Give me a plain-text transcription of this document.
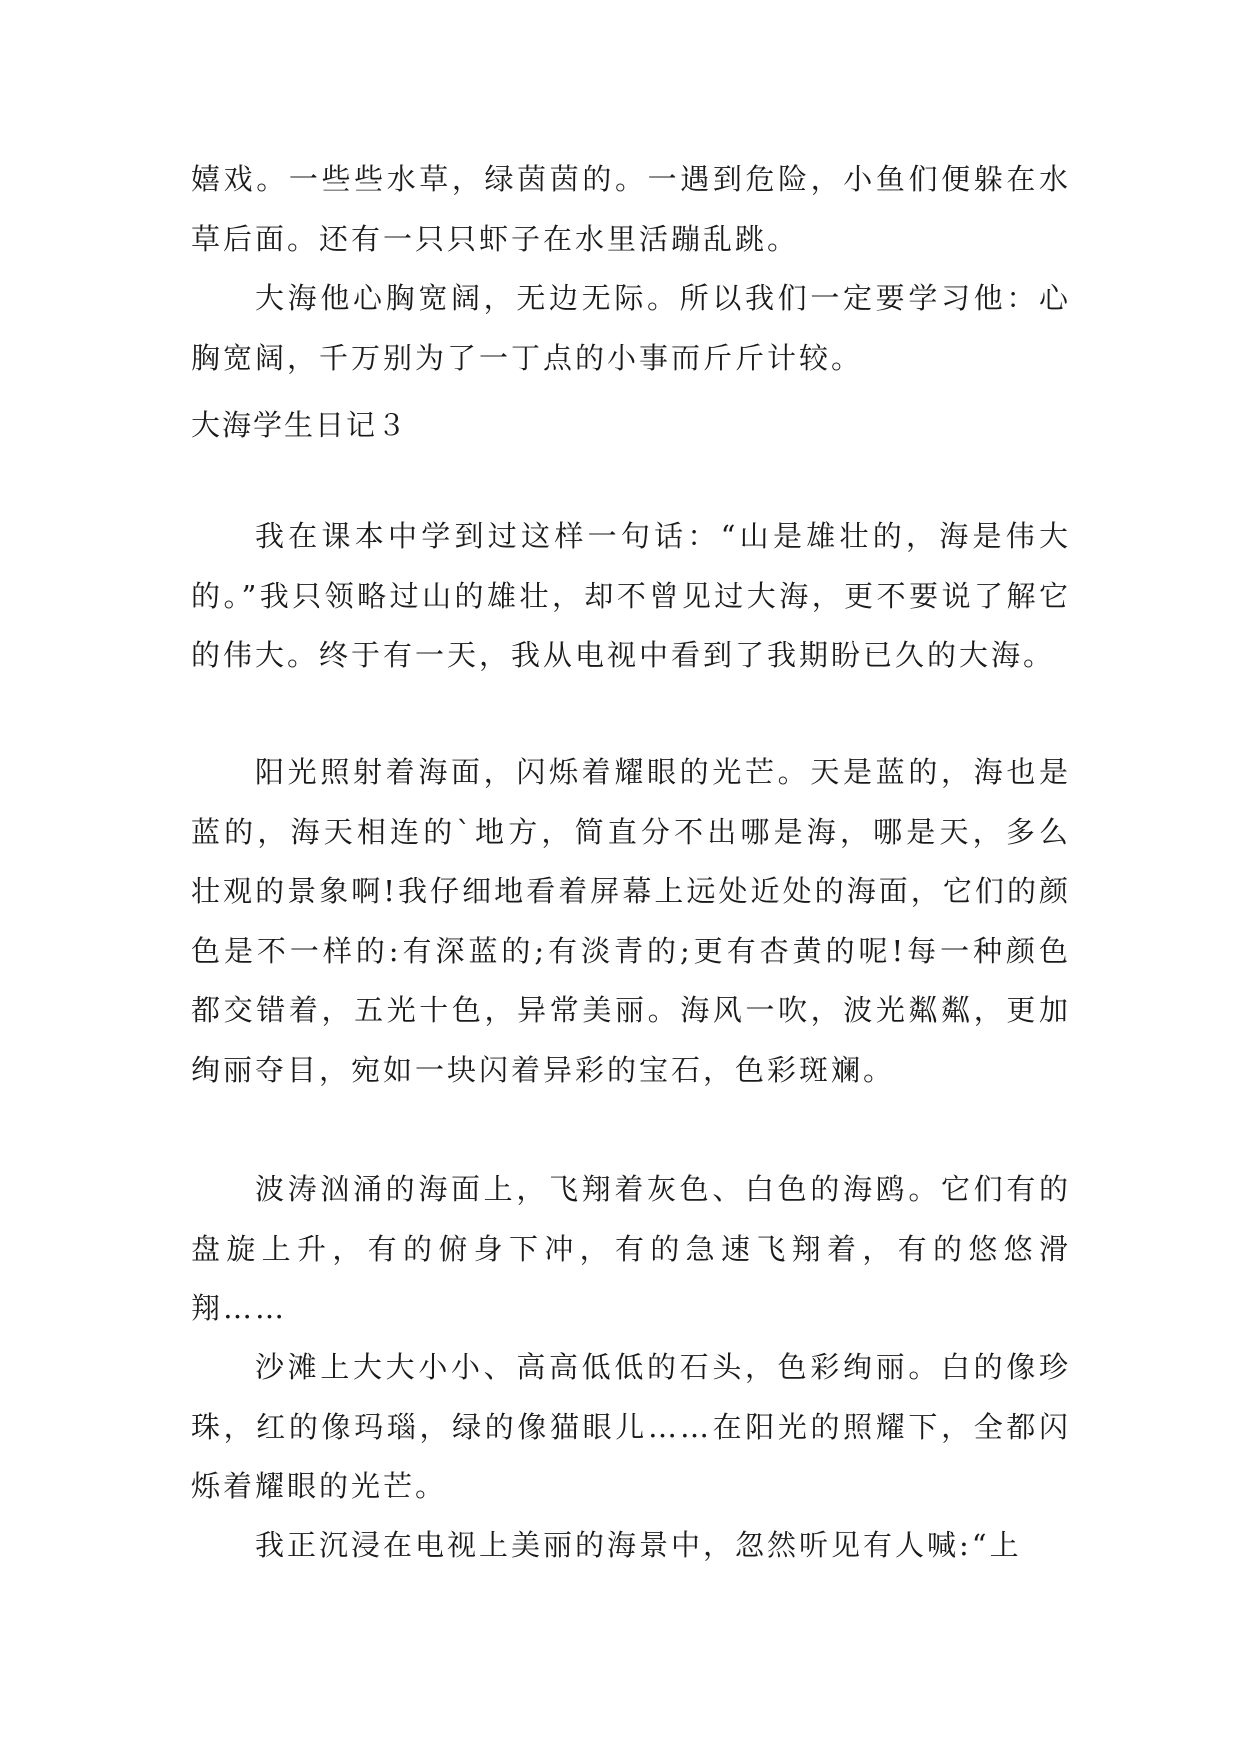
嬉戏。一些些水草，绿茵茵的。一遇到危险，小鱼们便躲在水草后面。还有一只只虾子在水里活蹦乱跳。

大海他心胸宽阔，无边无际。所以我们一定要学习他：心胸宽阔，千万别为了一丁点的小事而斤斤计较。

大海学生日记３

我在课本中学到过这样一句话：“山是雄壮的，海是伟大的。”我只领略过山的雄壮，却不曾见过大海，更不要说了解它的伟大。终于有一天，我从电视中看到了我期盼已久的大海。

阳光照射着海面，闪烁着耀眼的光芒。天是蓝的，海也是蓝的，海天相连的`地方，简直分不出哪是海，哪是天，多么壮观的景象啊!我仔细地看着屏幕上远处近处的海面，它们的颜色是不一样的:有深蓝的;有淡青的;更有杏黄的呢!每一种颜色都交错着，五光十色，异常美丽。海风一吹，波光粼粼，更加绚丽夺目，宛如一块闪着异彩的宝石，色彩斑斓。

波涛汹涌的海面上，飞翔着灰色、白色的海鸥。它们有的盘旋上升，有的俯身下冲，有的急速飞翔着，有的悠悠滑翔……

沙滩上大大小小、高高低低的石头，色彩绚丽。白的像珍珠，红的像玛瑙，绿的像猫眼儿……在阳光的照耀下，全都闪烁着耀眼的光芒。

我正沉浸在电视上美丽的海景中，忽然听见有人喊:“上
